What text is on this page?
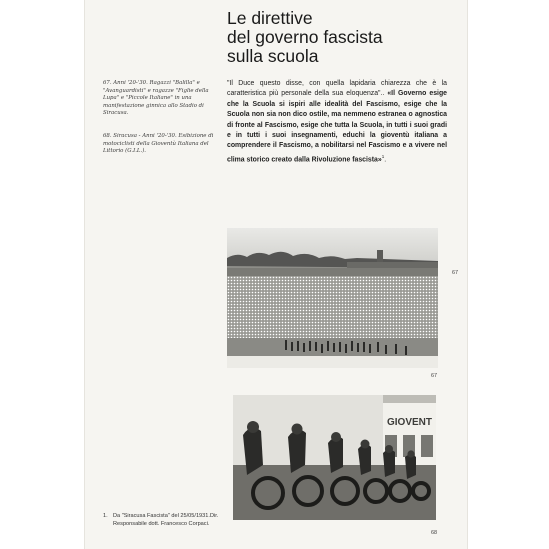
Le direttive
del governo fascista
sulla scuola

67. Anni '20-'30. Ragazzi "Balilla" e "Avanguardisti" e ragazze "Figlie della Lupa" e "Piccole Italiane" in una manifestazione ginnica allo Stadio di Siracusa.

68. Siracusa - Anni '20-'30. Esibizione di motociclisti della Gioventù Italiana del Littorio (G.I.L.).

"Il Duce questo disse, con quella lapidaria chiarezza che è la caratteristica più personale della sua eloquenza".. «Il Governo esige che la Scuola si ispiri alle idealità del Fascismo, esige che la Scuola non sia non dico ostile, ma nemmeno estranea o agnostica di fronte al Fascismo, esige che tutta la Scuola, in tutti i suoi gradi e in tutti i suoi insegnamenti, educhi la gioventù italiana a comprendere il Fascismo, a nobilitarsi nel Fascismo e a vivere nel clima storico creato dalla Rivoluzione fascista»$^1$.

67
67
GIOVENT
68
1. Da "Siracusa Fascista" del 25/05/1931.Dir. Responsabile dott. Francesco Corpaci.
